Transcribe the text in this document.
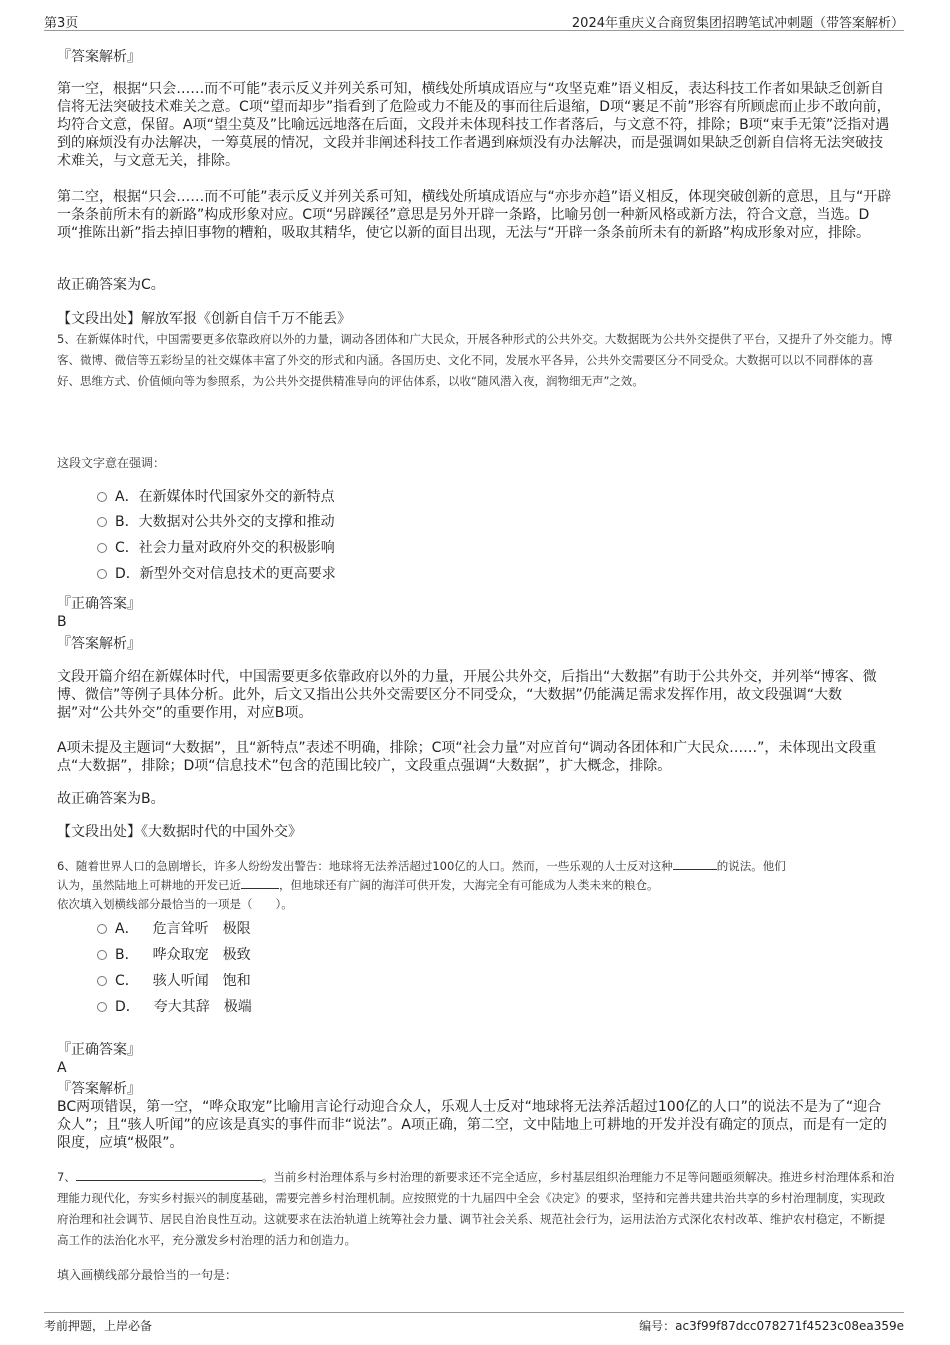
第3页	2024年重庆义合商贸集团招聘笔试冲刺题（带答案解析）
『答案解析』
第一空，根据“只会……而不可能”表示反义并列关系可知，横线处所填成语应与“攻坚克难”语义相反，表达科技工作者如果缺乏创新自信将无法突破技术难关之意。C项“望而却步”指看到了危险或力不能及的事而往后退缩，D项“裹足不前”形容有所顾虑而止步不敢向前，均符合文意，保留。A项“望尘莫及”比喻远远地落在后面，文段并未体现科技工作者落后，与文意不符，排除；B项“束手无策”泛指对遇到的麻烦没有办法解决，一筹莫展的情况，文段并非阐述科技工作者遇到麻烦没有办法解决，而是强调如果缺乏创新自信将无法突破技术难关，与文意无关，排除。
第二空，根据“只会……而不可能”表示反义并列关系可知，横线处所填成语应与“亦步亦趋”语义相反，体现突破创新的意思，且与“开辟一条条前所未有的新路”构成形象对应。C项“另辟蹊径”意思是另外开辟一条路，比喻另创一种新风格或新方法，符合文意，当选。D项“推陈出新”指去掉旧事物的糟粕，吸取其精华，使它以新的面目出现，无法与“开辟一条条前所未有的新路”构成形象对应，排除。
故正确答案为C。
【文段出处】解放军报《创新自信千万不能丢》
5、在新媒体时代，中国需要更多依靠政府以外的力量，调动各团体和广大民众，开展各种形式的公共外交。大数据既为公共外交提供了平台，又提升了外交能力。博客、微博、微信等五彩纷呈的社交媒体丰富了外交的形式和内涵。各国历史、文化不同，发展水平各异，公共外交需要区分不同受众。大数据可以以不同群体的喜好、思维方式、价值倾向等为参照系，为公共外交提供精准导向的评估体系，以收“随风潜入夜，润物细无声”之效。
这段文字意在强调：
A．在新媒体时代国家外交的新特点
B．大数据对公共外交的支撑和推动
C．社会力量对政府外交的积极影响
D．新型外交对信息技术的更高要求
『正确答案』
B
『答案解析』
文段开篇介绍在新媒体时代，中国需要更多依靠政府以外的力量，开展公共外交，后指出“大数据”有助于公共外交，并列举“博客、微博、微信”等例子具体分析。此外，后文又指出公共外交需要区分不同受众，“大数据”仍能满足需求发挥作用，故文段强调“大数据”对“公共外交”的重要作用，对应B项。
A项未提及主题词“大数据”，且“新特点”表述不明确，排除；C项“社会力量”对应首句“调动各团体和广大民众……”，未体现出文段重点“大数据”，排除；D项“信息技术”包含的范围比较广，文段重点强调“大数据”，扩大概念，排除。
故正确答案为B。
【文段出处】《大数据时代的中国外交》
6、随着世界人口的急剧增长，许多人纷纷发出警告：地球将无法养活超过100亿的人口。然而，一些乐观的人士反对这种	的说法。他们
认为，虽然陆地上可耕地的开发已近	，但地球还有广阔的海洋可供开发，大海完全有可能成为人类未来的粮仓。
依次填入划横线部分最恰当的一项是（　　）。
A． 危言耸听 极限
B． 哗众取宠 极致
C． 骇人听闻 饱和
D． 夸大其辞 极端
『正确答案』
A
『答案解析』
BC两项错误，第一空，“哗众取宠”比喻用言论行动迎合众人，乐观人士反对“地球将无法养活超过100亿的人口”的说法不是为了“迎合众人”；且“骇人听闻”的应该是真实的事件而非“说法”。A项正确，第二空，文中陆地上可耕地的开发并没有确定的顶点，而是有一定的限度，应填“极限”。
7、	。当前乡村治理体系与乡村治理的新要求还不完全适应，乡村基层组织治理能力不足等问题亟须解决。推进乡村治理体系和治理能力现代化，夯实乡村振兴的制度基础，需要完善乡村治理机制。应按照党的十九届四中全会《决定》的要求，坚持和完善共建共治共享的乡村治理制度，实现政府治理和社会调节、居民自治良性互动。这就要求在法治轨道上统筹社会力量、调节社会关系、规范社会行为，运用法治方式深化农村改革、维护农村稳定，不断提高工作的法治化水平，充分激发乡村治理的活力和创造力。
填入画横线部分最恰当的一句是：
考前押题，上岸必备	编号：ac3f99f87dcc078271f4523c08ea359e
